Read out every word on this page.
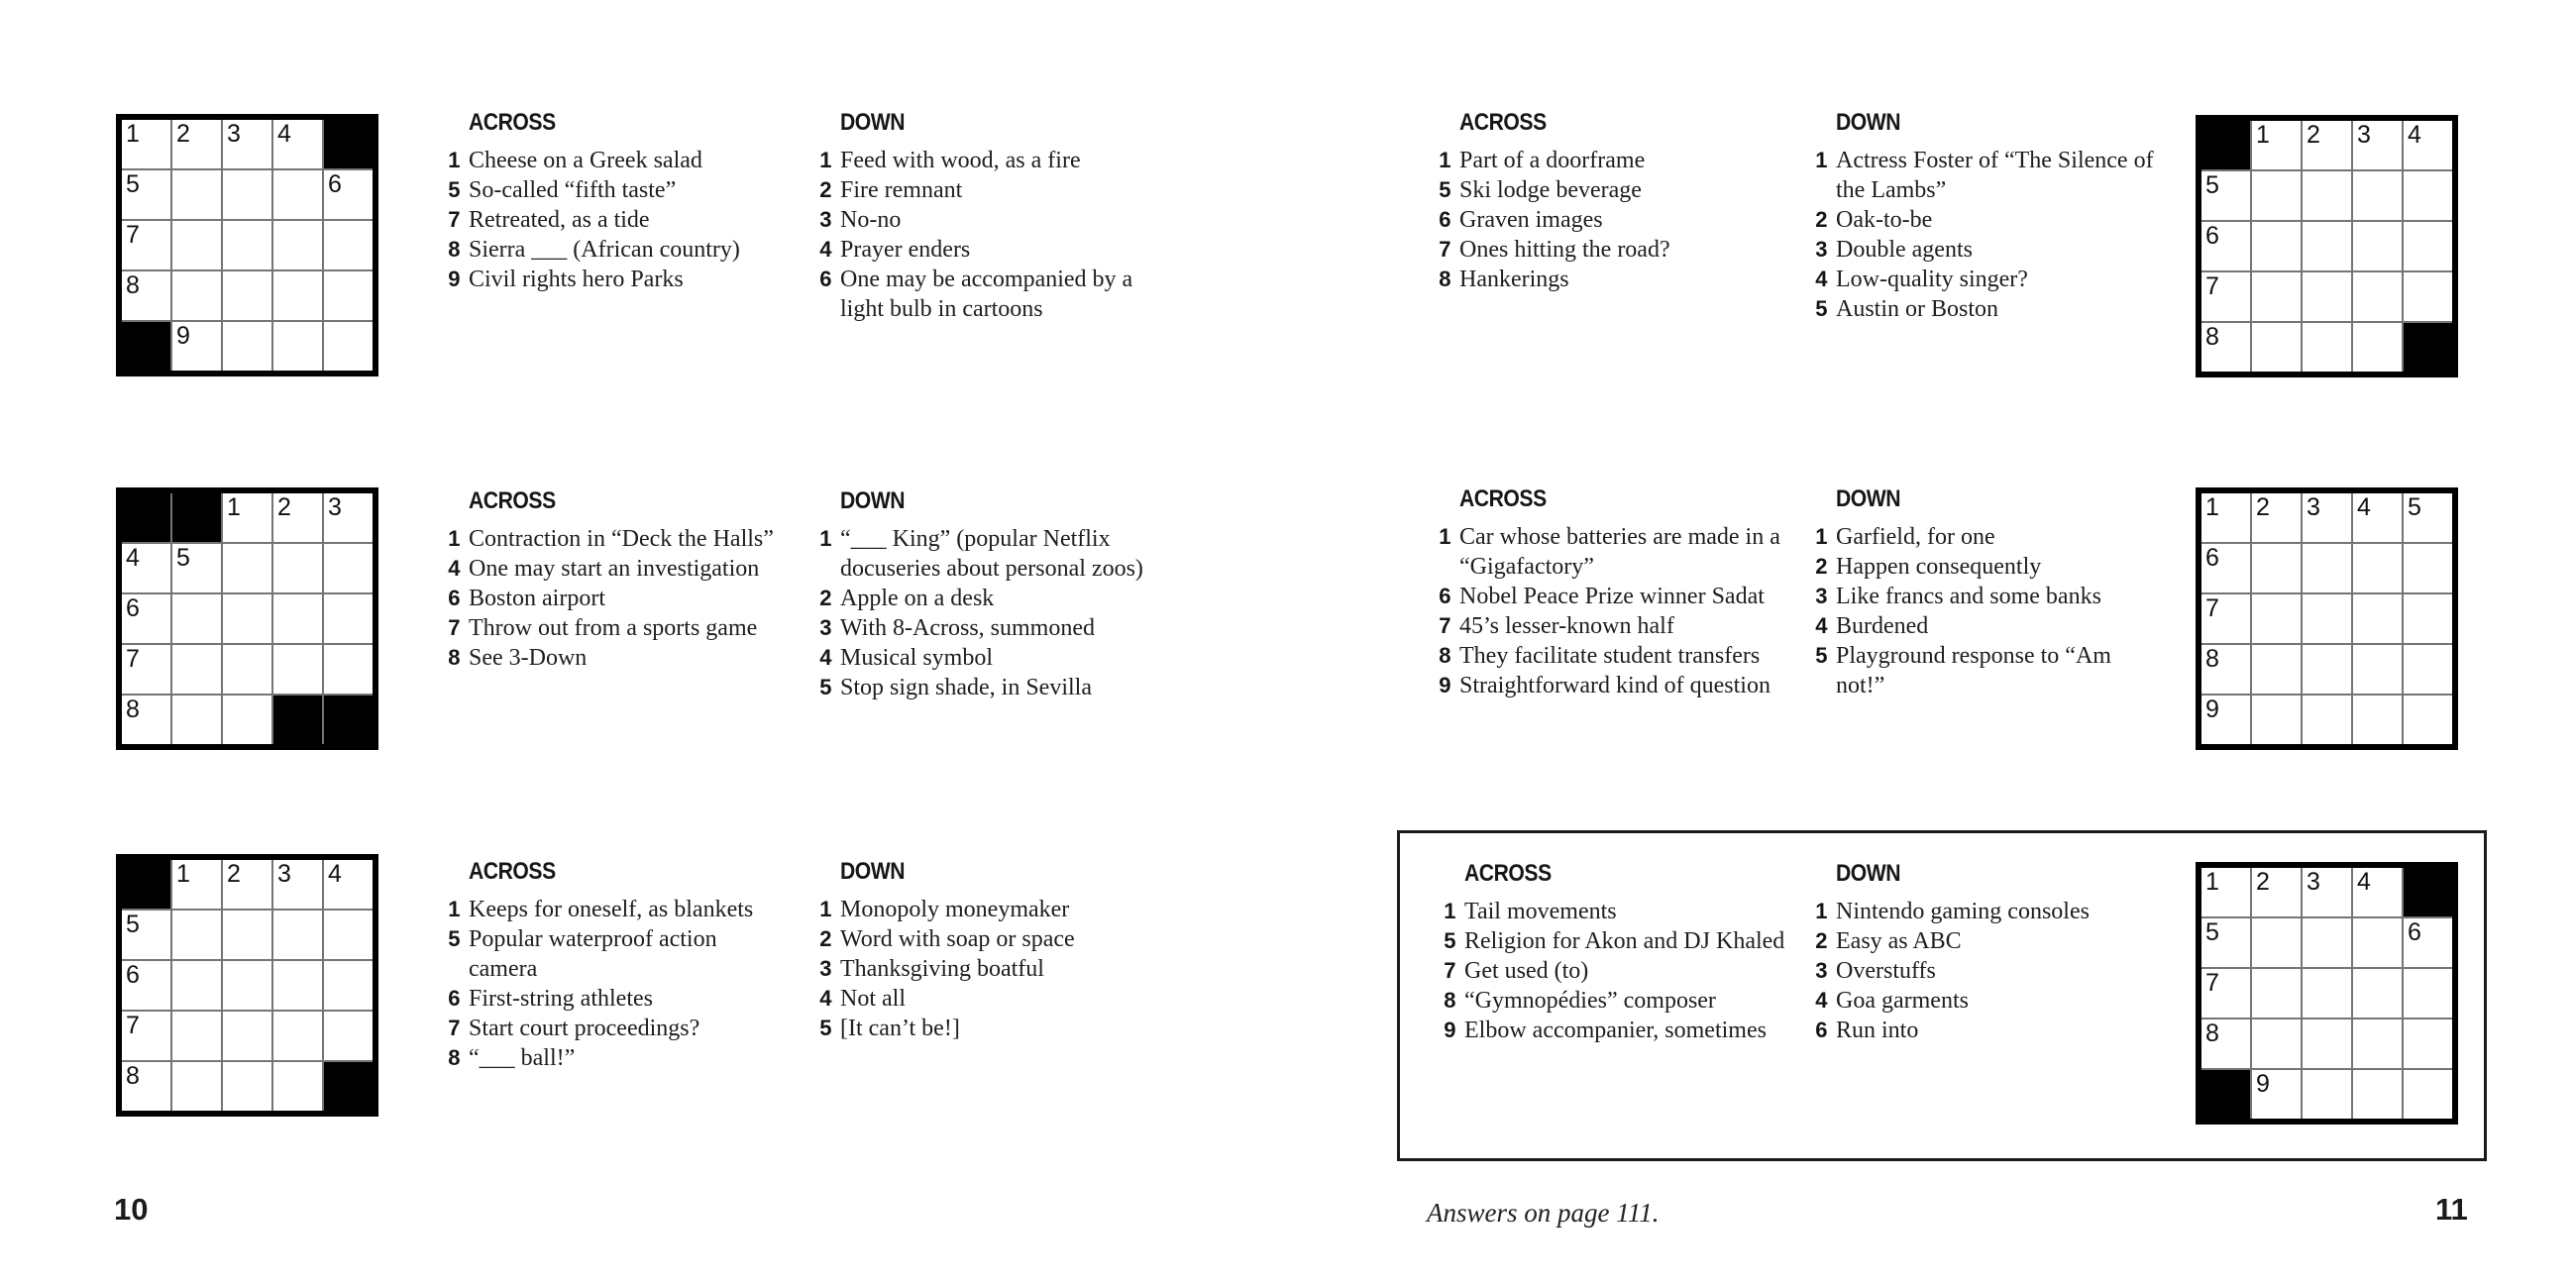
1	2	3	4
5	6
7
8
9
ACROSS
1 Cheese on a Greek salad
5 So-called “fifth taste”
7 Retreated, as a tide
8 Sierra ___ (African country)
9 Civil rights hero Parks
DOWN
1 Feed with wood, as a fire
2 Fire remnant
3 No-no
4 Prayer enders
6 One may be accompanied by a light bulb in cartoons
1	2	3
4	5
6
7
8
ACROSS
1 Contraction in “Deck the Halls”
4 One may start an investigation
6 Boston airport
7 Throw out from a sports game
8 See 3-Down
DOWN
1 “___ King” (popular Netflix docuseries about personal zoos)
2 Apple on a desk
3 With 8-Across, summoned
4 Musical symbol
5 Stop sign shade, in Sevilla
1	2	3	4
5
6
7
8
ACROSS
1 Keeps for oneself, as blankets
5 Popular waterproof action camera
6 First-string athletes
7 Start court proceedings?
8 “___ ball!”
DOWN
1 Monopoly moneymaker
2 Word with soap or space
3 Thanksgiving boatful
4 Not all
5 [It can’t be!]
ACROSS
1 Part of a doorframe
5 Ski lodge beverage
6 Graven images
7 Ones hitting the road?
8 Hankerings
DOWN
1 Actress Foster of “The Silence of the Lambs”
2 Oak-to-be
3 Double agents
4 Low-quality singer?
5 Austin or Boston
1	2	3	4
5
6
7
8
ACROSS
1 Car whose batteries are made in a “Gigafactory”
6 Nobel Peace Prize winner Sadat
7 45’s lesser-known half
8 They facilitate student transfers
9 Straightforward kind of question
DOWN
1 Garfield, for one
2 Happen consequently
3 Like francs and some banks
4 Burdened
5 Playground response to “Am not!”
1	2	3	4	5
6
7
8
9
ACROSS
1 Tail movements
5 Religion for Akon and DJ Khaled
7 Get used (to)
8 “Gymnopédies” composer
9 Elbow accompanier, sometimes
DOWN
1 Nintendo gaming consoles
2 Easy as ABC
3 Overstuffs
4 Goa garments
6 Run into
1	2	3	4
5	6
7
8
9
10	Answers on page 111.	11
